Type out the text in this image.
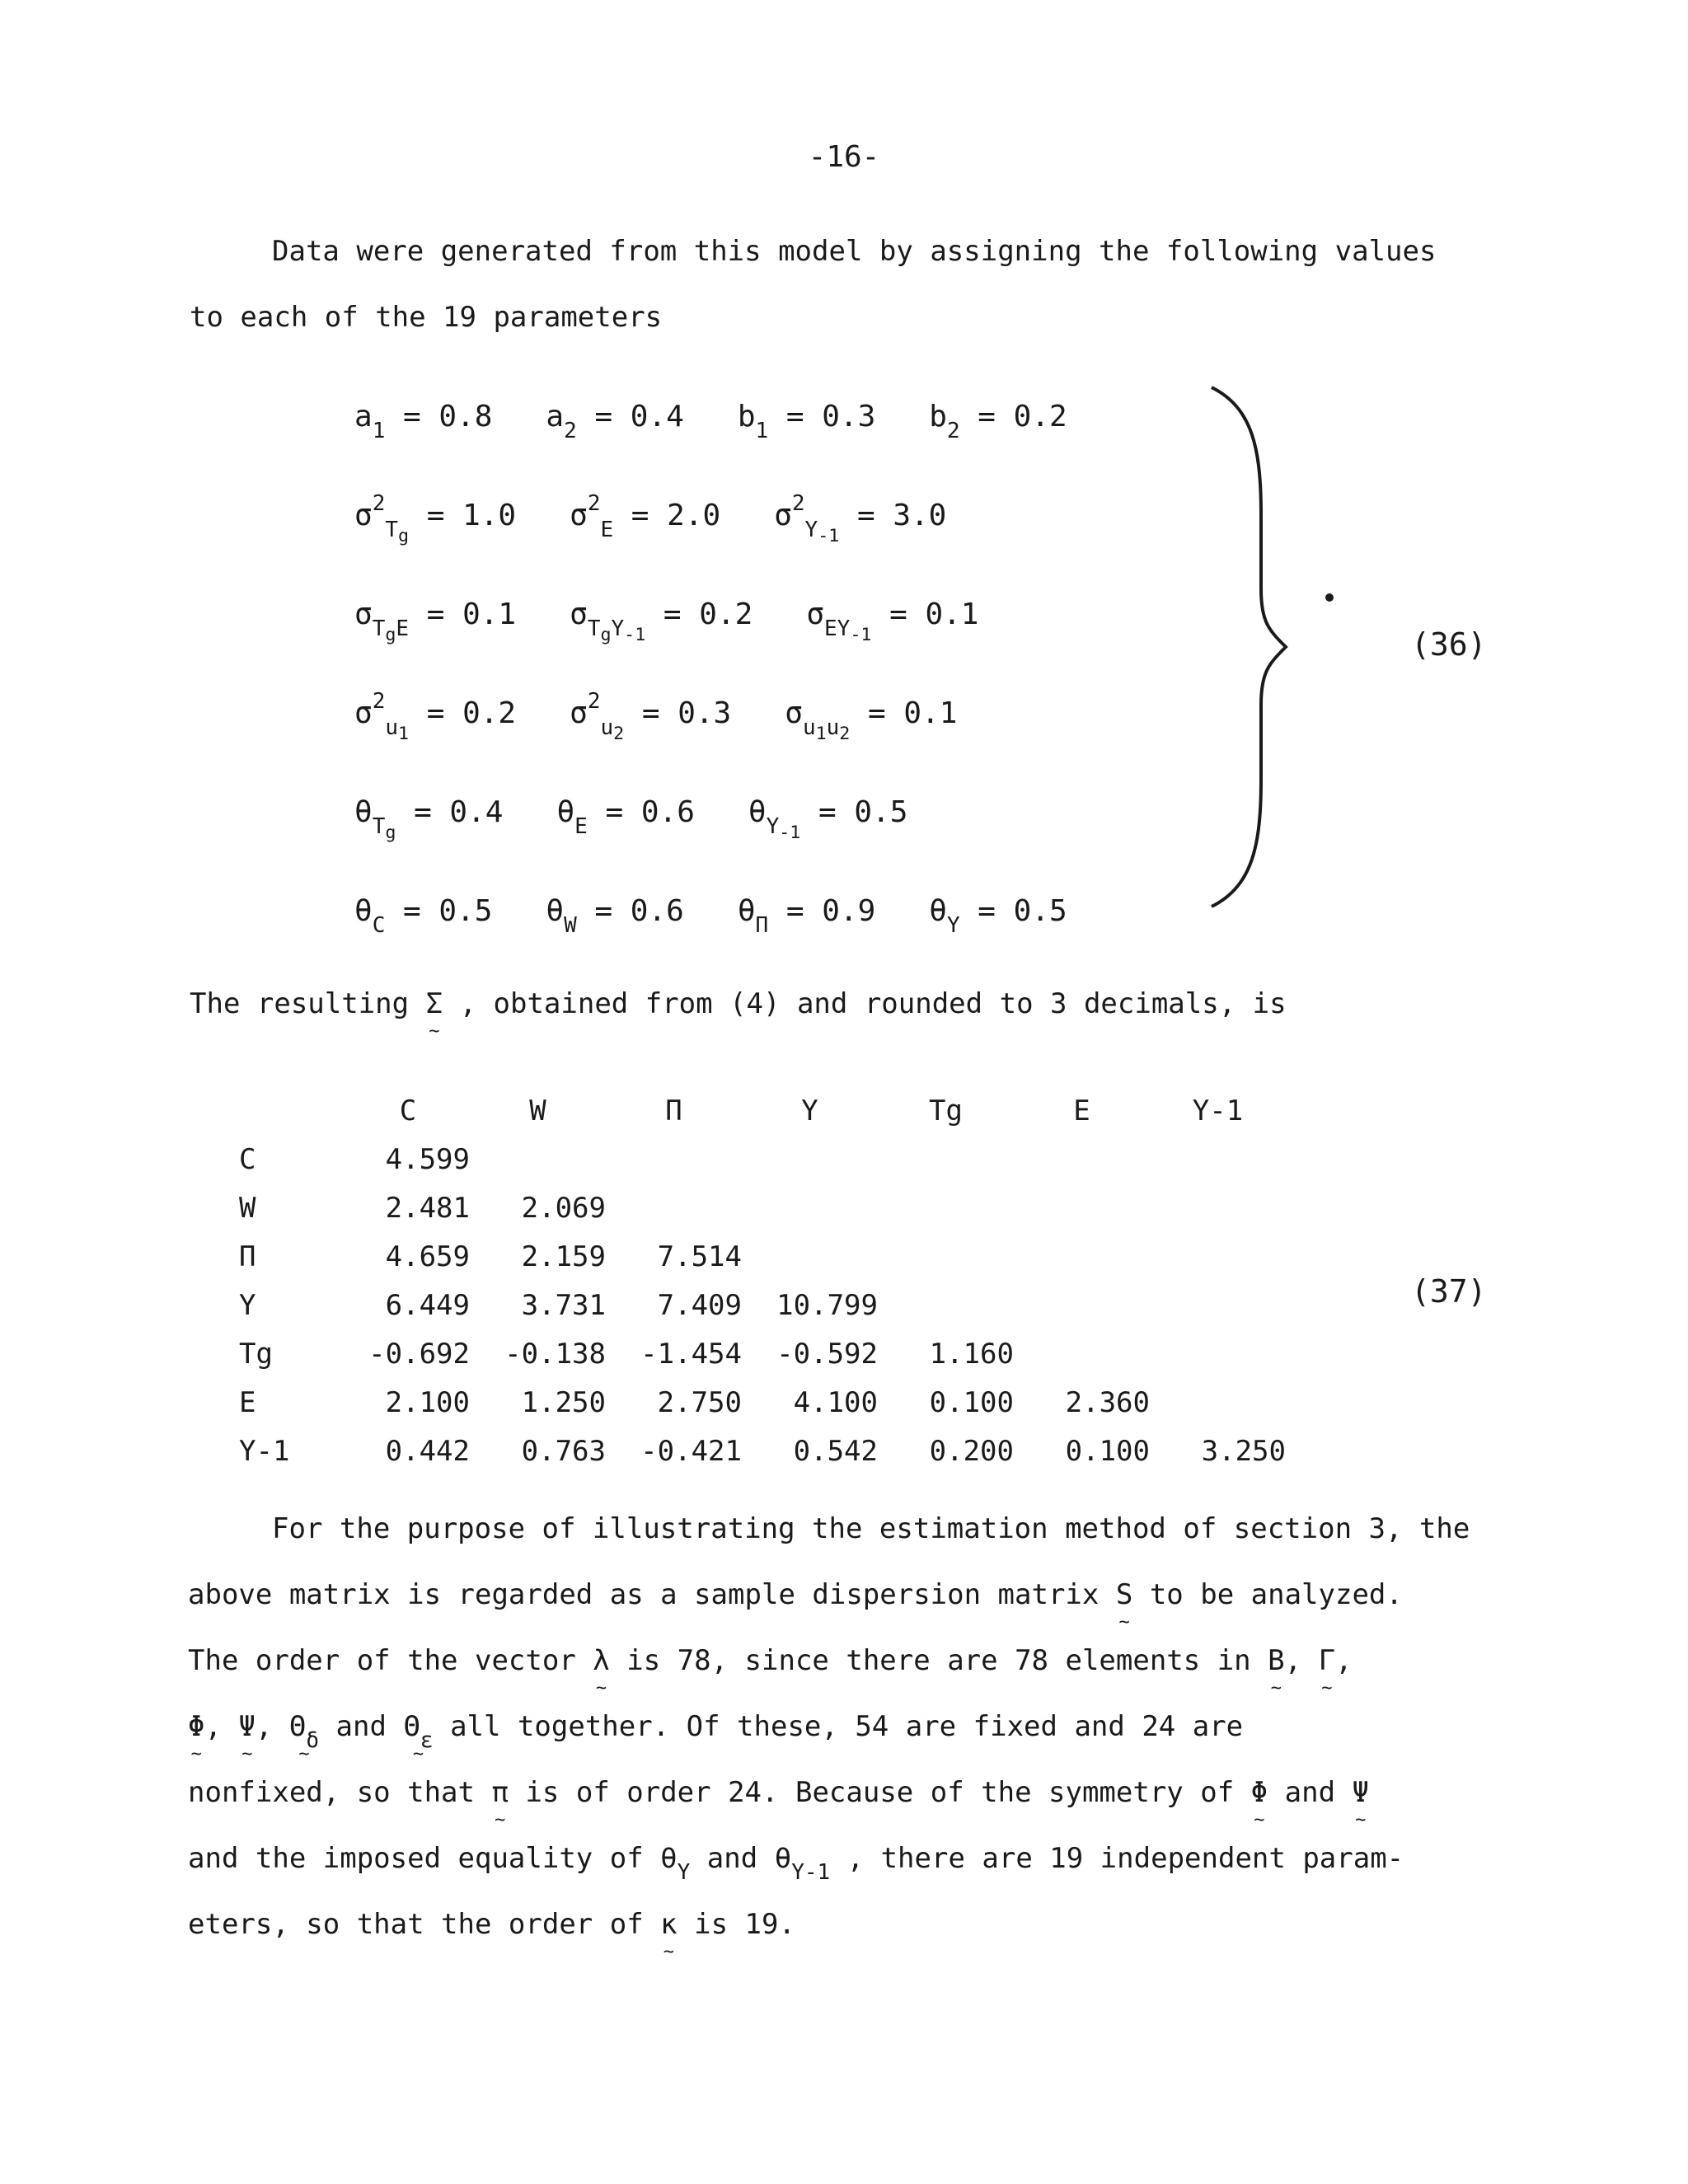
-16-
Data were generated from this model by assigning the following values
to each of the 19 parameters
$a_1 = 0.8$   $a_2 = 0.4$   $b_1 = 0.3$   $b_2 = 0.2$
$\sigma^2_{T_g} = 1.0$   $\sigma^2_E = 2.0$   $\sigma^2_{Y_{-1}} = 3.0$
$\sigma_{T_gE} = 0.1$   $\sigma_{T_gY_{-1}} = 0.2$   $\sigma_{EY_{-1}} = 0.1$
$\sigma^2_{u_1} = 0.2$   $\sigma^2_{u_2} = 0.3$   $\sigma_{u_1u_2} = 0.1$
$\theta_{T_g} = 0.4$   $\theta_E = 0.6$   $\theta_{Y_{-1}} = 0.5$
$\theta_C = 0.5$   $\theta_W = 0.6$   $\theta_\Pi = 0.9$   $\theta_Y = 0.5$
(36)
The resulting Σ ~ , obtained from (4) and rounded to 3 decimals, is
	C	W	Π	Y	Tg	E	Y-1
C	4.599						
W	2.481	2.069					
Π	4.659	2.159	7.514				
Y	6.449	3.731	7.409	10.799			
Tg	-0.692	-0.138	-1.454	-0.592	1.160		
E	2.100	1.250	2.750	4.100	0.100	2.360	
Y-1	0.442	0.763	-0.421	0.542	0.200	0.100	3.250
(37)
For the purpose of illustrating the estimation method of section 3, the
above matrix is regarded as a sample dispersion matrix S ~ to be analyzed.
The order of the vector λ ~ is 78, since there are 78 elements in B ~, Γ ~,
Φ ~, Ψ ~, $\Theta_\delta$ ~ and $\Theta_\varepsilon$ ~ all together. Of these, 54 are fixed and 24 are
nonfixed, so that π ~ is of order 24. Because of the symmetry of Φ ~ and Ψ ~
and the imposed equality of $\theta_Y$ and $\theta_{Y-1}$ , there are 19 independent param-
eters, so that the order of κ ~ is 19.
